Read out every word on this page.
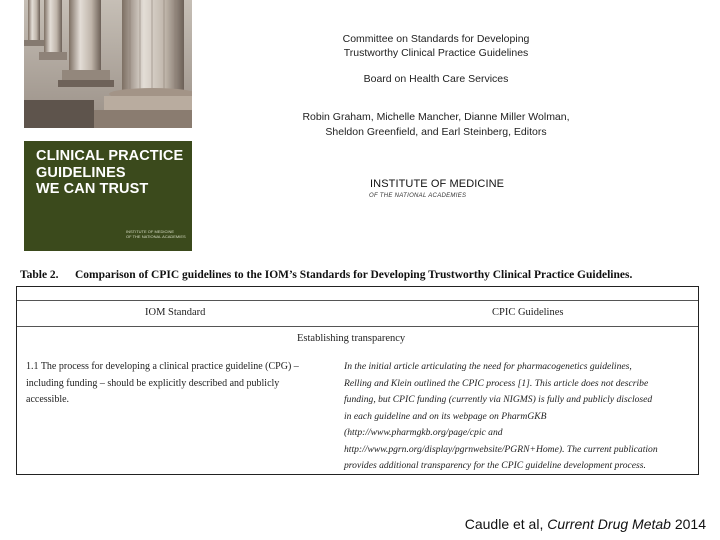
CLINICAL PRACTICE
GUIDELINES
WE CAN TRUST
INSTITUTE OF MEDICINE
OF THE NATIONAL ACADEMIES
Committee on Standards for Developing
Trustworthy Clinical Practice Guidelines
Board on Health Care Services
Robin Graham, Michelle Mancher, Dianne Miller Wolman,
Sheldon Greenfield, and Earl Steinberg, Editors
INSTITUTE OF MEDICINE
OF THE NATIONAL ACADEMIES
Table 2. Comparison of CPIC guidelines to the IOM’s Standards for Developing Trustworthy Clinical Practice Guidelines.
IOM Standard	CPIC Guidelines
Establishing transparency
1.1 The process for developing a clinical practice guideline (CPG) –
including funding – should be explicitly described and publicly
accessible.
In the initial article articulating the need for pharmacogenetics guidelines,
Relling and Klein outlined the CPIC process [1]. This article does not describe
funding, but CPIC funding (currently via NIGMS) is fully and publicly disclosed
in each guideline and on its webpage on PharmGKB
(http://www.pharmgkb.org/page/cpic and
http://www.pgrn.org/display/pgrnwebsite/PGRN+Home). The current publication
provides additional transparency for the CPIC guideline development process.
Caudle et al, Current Drug Metab 2014
